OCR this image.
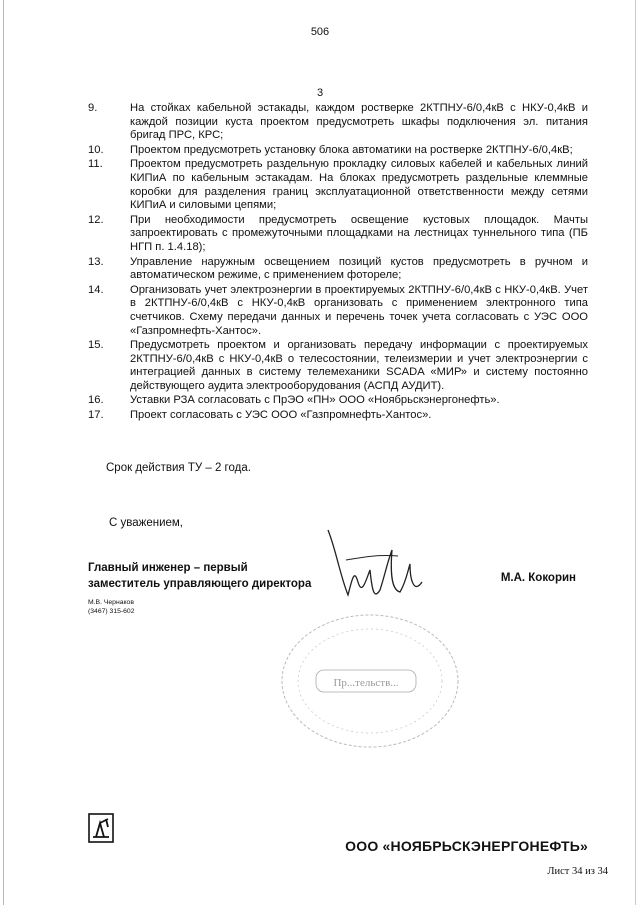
506
3
9.	На стойках кабельной эстакады, каждом ростверке 2КТПНУ-6/0,4кВ с НКУ-0,4кВ и каждой позиции куста проектом предусмотреть шкафы подключения эл. питания бригад ПРС, КРС;
10.	Проектом предусмотреть установку блока автоматики на ростверке 2КТПНУ-6/0,4кВ;
11.	Проектом предусмотреть раздельную прокладку силовых кабелей и кабельных линий КИПиА по кабельным эстакадам. На блоках предусмотреть раздельные клеммные коробки для разделения границ эксплуатационной ответственности между сетями КИПиА и силовыми цепями;
12.	При необходимости предусмотреть освещение кустовых площадок. Мачты запроектировать с промежуточными площадками на лестницах туннельного типа (ПБ НГП п. 1.4.18);
13.	Управление наружным освещением позиций кустов предусмотреть в ручном и автоматическом режиме, с применением фотореле;
14.	Организовать учет электроэнергии в проектируемых 2КТПНУ-6/0,4кВ с НКУ-0,4кВ. Учет в 2КТПНУ-6/0,4кВ с НКУ-0,4кВ организовать с применением электронного типа счетчиков. Схему передачи данных и перечень точек учета согласовать с УЭС ООО «Газпромнефть-Хантос».
15.	Предусмотреть проектом и организовать передачу информации с проектируемых 2КТПНУ-6/0,4кВ с НКУ-0,4кВ о телесостоянии, телеизмерии и учет электроэнергии с интеграцией данных в систему телемеханики SCADA «МИР» и систему постоянно действующего аудита электрооборудования (АСПД АУДИТ).
16.	Уставки РЗА согласовать с ПрЭО «ПН» ООО «Ноябрьскэнергонефть».
17.	Проект согласовать с УЭС ООО «Газпромнефть-Хантос».
Срок действия ТУ – 2 года.
С уважением,
Главный инженер – первый
заместитель управляющего директора	М.А. Кокорин
М.В. Чернаков
(3467) 315-602
Пр...тельств...
ООО «НОЯБРЬСКЭНЕРГОНЕФТЬ»
Лист 34 из 34
